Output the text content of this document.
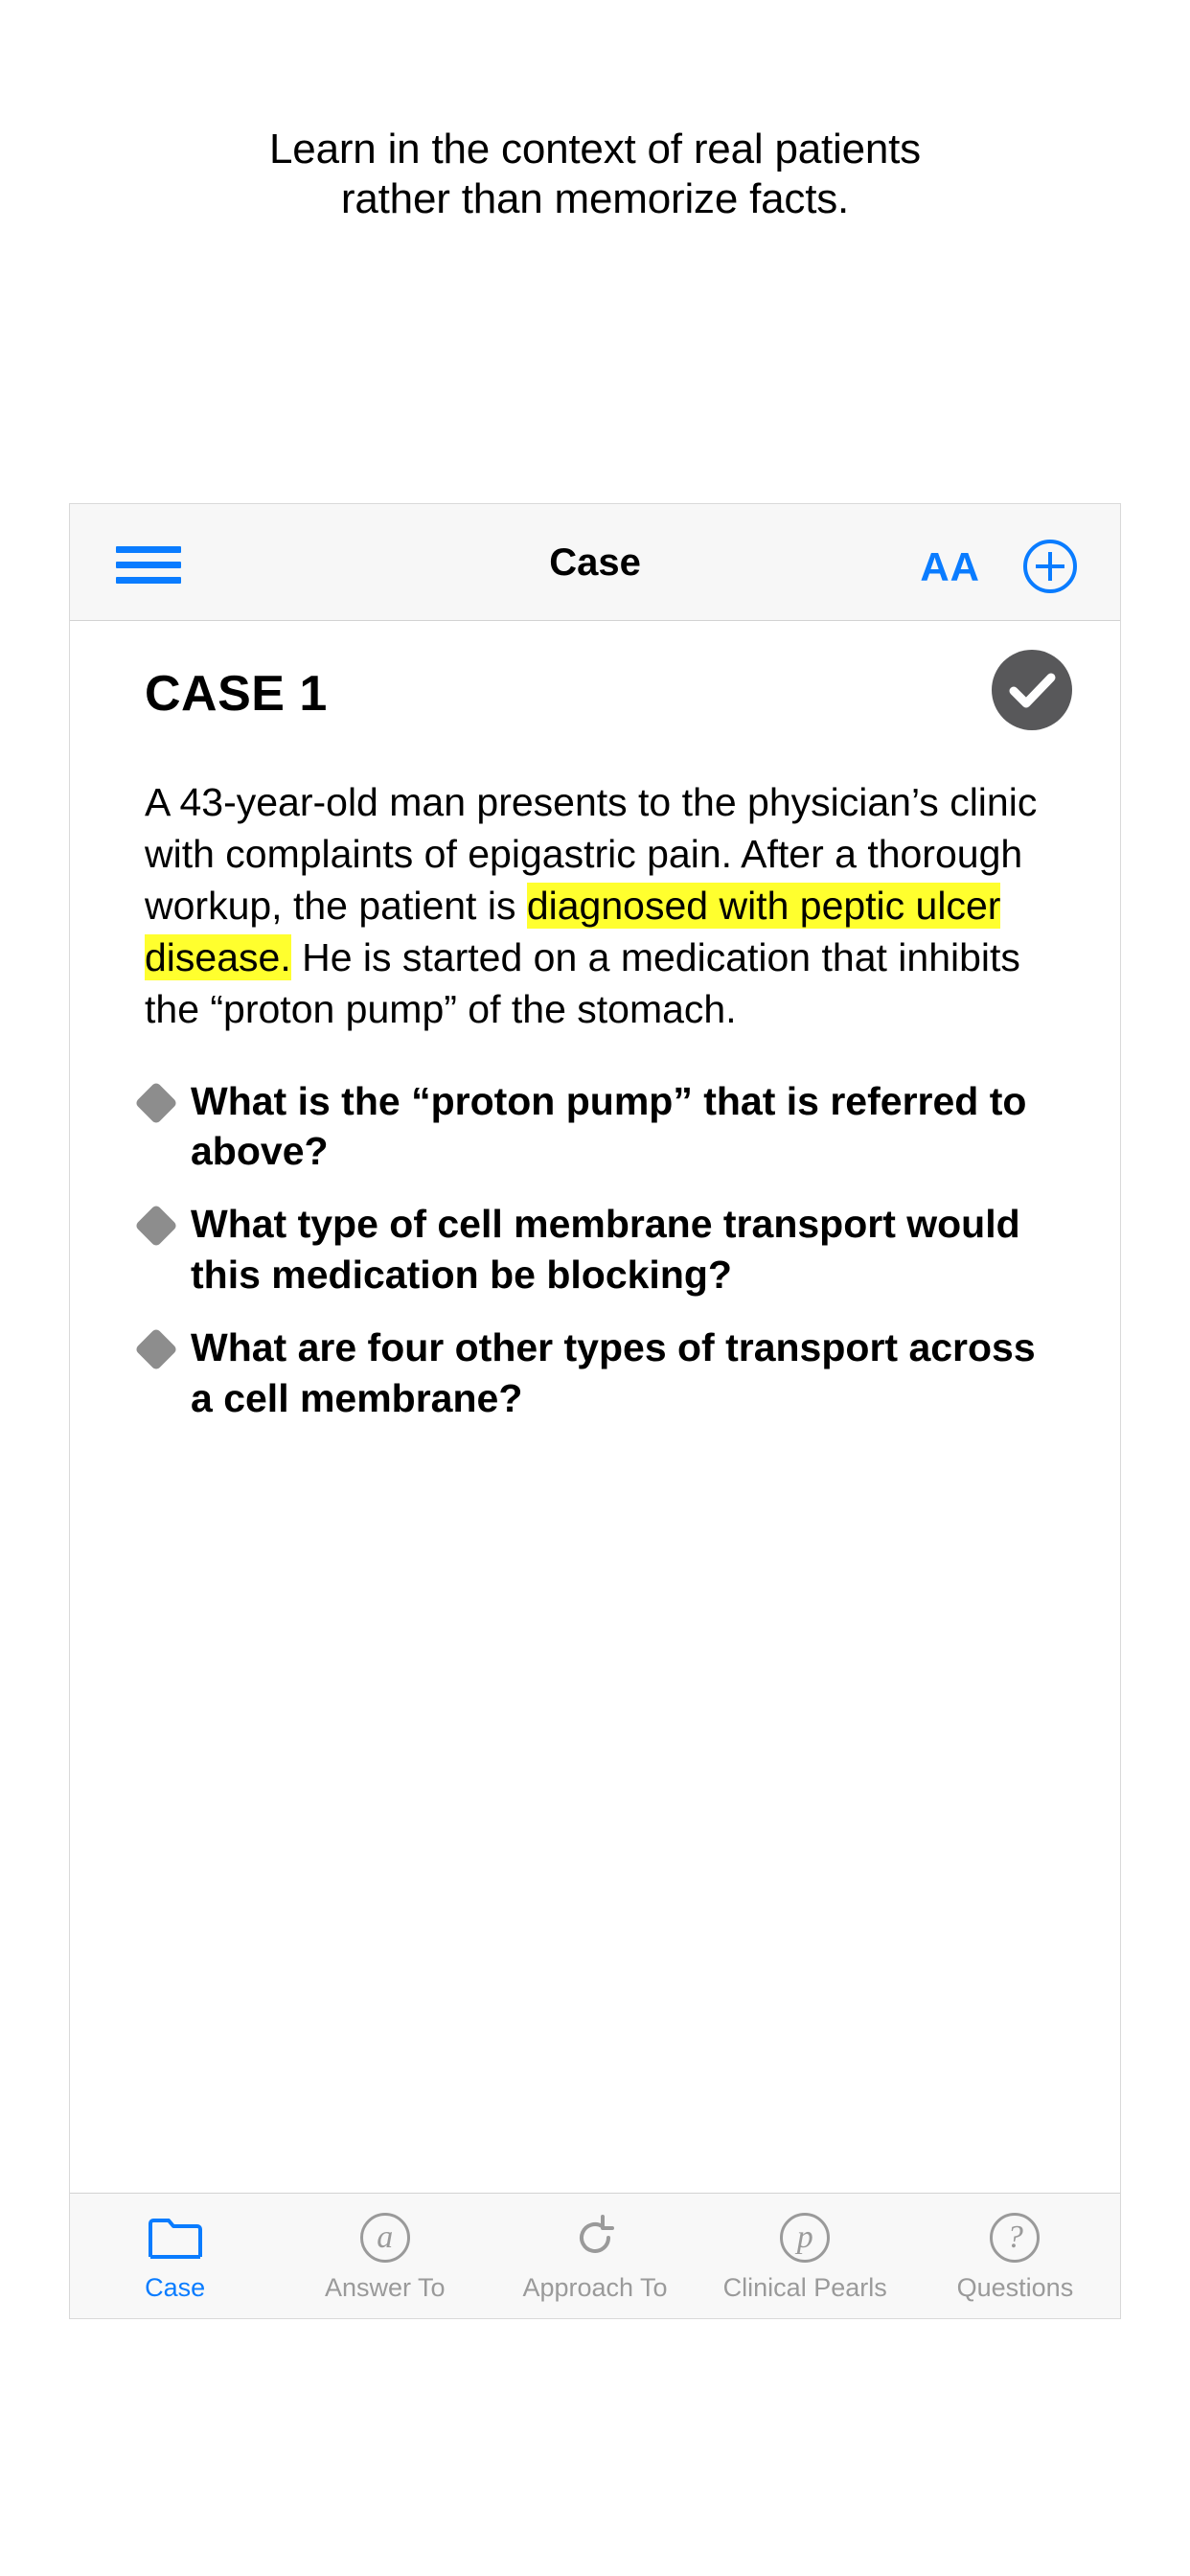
Learn in the context of real patients
rather than memorize facts.
Case	AA
CASE 1
A 43-year-old man presents to the physician’s clinic with complaints of epigastric pain. After a thorough workup, the patient is diagnosed with peptic ulcer disease. He is started on a medication that inhibits the “proton pump” of the stomach.
What is the “proton pump” that is referred to above?
What type of cell membrane transport would this medication be blocking?
What are four other types of transport across a cell membrane?
Case
a
Answer To	Approach To
p
Clinical Pearls
?
Questions
